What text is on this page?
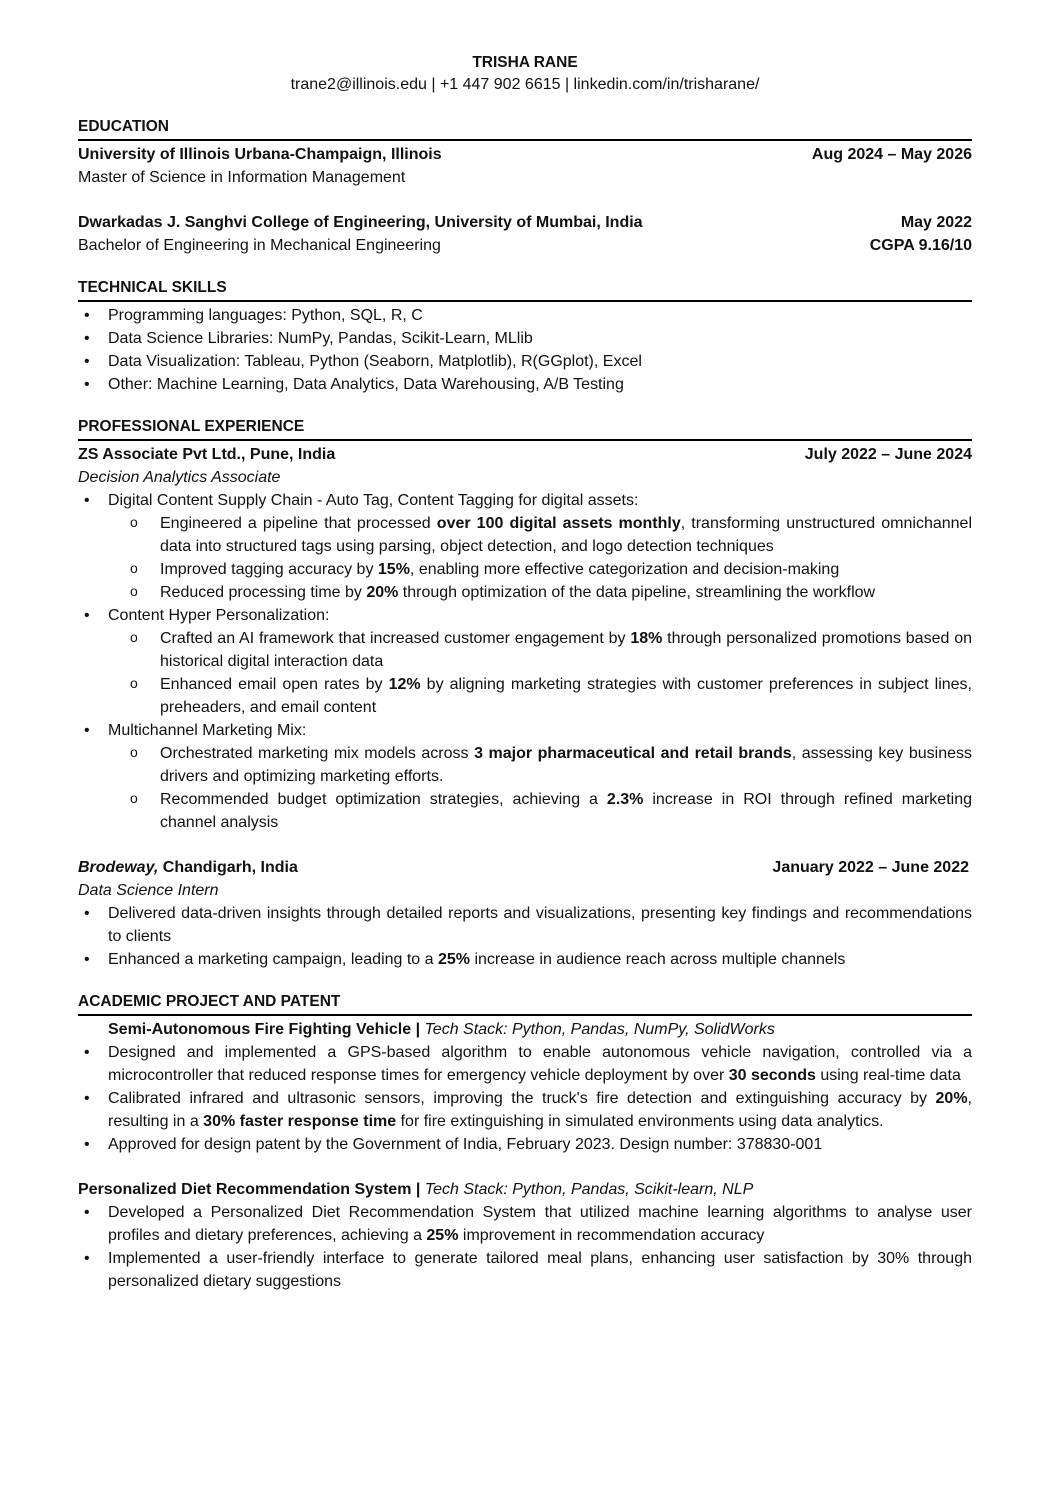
TRISHA RANE
trane2@illinois.edu | +1 447 902 6615 | linkedin.com/in/trisharane/
EDUCATION
University of Illinois Urbana-Champaign, Illinois	Aug 2024 – May 2026
Master of Science in Information Management
Dwarkadas J. Sanghvi College of Engineering, University of Mumbai, India	May 2022
Bachelor of Engineering in Mechanical Engineering	CGPA 9.16/10
TECHNICAL SKILLS
• Programming languages: Python, SQL, R, C
• Data Science Libraries: NumPy, Pandas, Scikit-Learn, MLlib
• Data Visualization: Tableau, Python (Seaborn, Matplotlib), R(GGplot), Excel
• Other: Machine Learning, Data Analytics, Data Warehousing, A/B Testing
PROFESSIONAL EXPERIENCE
ZS Associate Pvt Ltd., Pune, India	July 2022 – June 2024
Decision Analytics Associate
• Digital Content Supply Chain - Auto Tag, Content Tagging for digital assets:
o Engineered a pipeline that processed over 100 digital assets monthly, transforming unstructured omnichannel data into structured tags using parsing, object detection, and logo detection techniques
o Improved tagging accuracy by 15%, enabling more effective categorization and decision-making
o Reduced processing time by 20% through optimization of the data pipeline, streamlining the workflow
• Content Hyper Personalization:
o Crafted an AI framework that increased customer engagement by 18% through personalized promotions based on historical digital interaction data
o Enhanced email open rates by 12% by aligning marketing strategies with customer preferences in subject lines, preheaders, and email content
• Multichannel Marketing Mix:
o Orchestrated marketing mix models across 3 major pharmaceutical and retail brands, assessing key business drivers and optimizing marketing efforts.
o Recommended budget optimization strategies, achieving a 2.3% increase in ROI through refined marketing channel analysis
Brodeway, Chandigarh, India	January 2022 – June 2022
Data Science Intern
• Delivered data-driven insights through detailed reports and visualizations, presenting key findings and recommendations to clients
• Enhanced a marketing campaign, leading to a 25% increase in audience reach across multiple channels
ACADEMIC PROJECT AND PATENT
Semi-Autonomous Fire Fighting Vehicle | Tech Stack: Python, Pandas, NumPy, SolidWorks
• Designed and implemented a GPS-based algorithm to enable autonomous vehicle navigation, controlled via a microcontroller that reduced response times for emergency vehicle deployment by over 30 seconds using real-time data
• Calibrated infrared and ultrasonic sensors, improving the truck's fire detection and extinguishing accuracy by 20%, resulting in a 30% faster response time for fire extinguishing in simulated environments using data analytics.
• Approved for design patent by the Government of India, February 2023. Design number: 378830-001
Personalized Diet Recommendation System | Tech Stack: Python, Pandas, Scikit-learn, NLP
• Developed a Personalized Diet Recommendation System that utilized machine learning algorithms to analyse user profiles and dietary preferences, achieving a 25% improvement in recommendation accuracy
• Implemented a user-friendly interface to generate tailored meal plans, enhancing user satisfaction by 30% through personalized dietary suggestions
